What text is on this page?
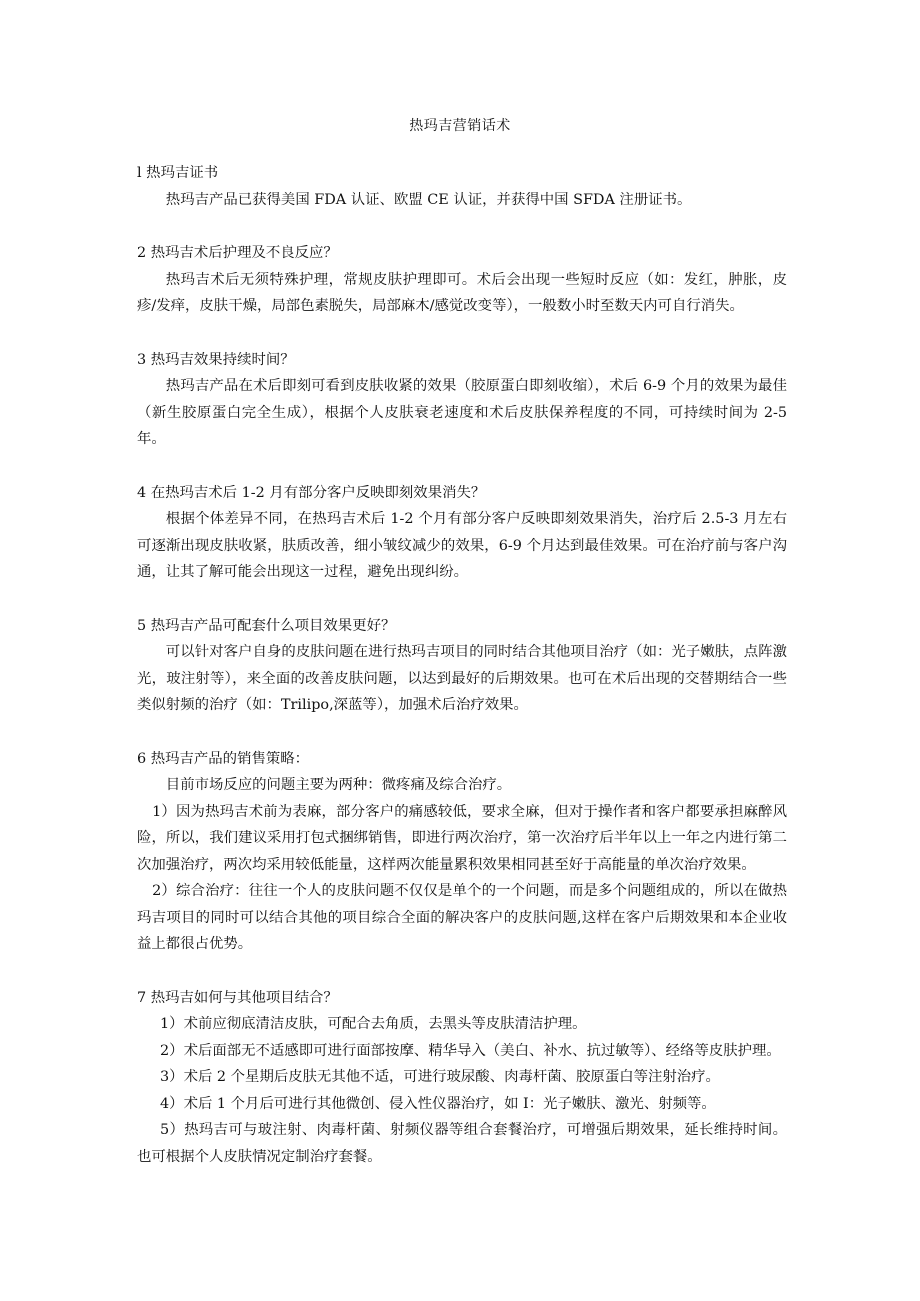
热玛吉营销话术

l 热玛吉证书

热玛吉产品已获得美国 FDA 认证、欧盟 CE 认证，并获得中国 SFDA 注册证书。

2 热玛吉术后护理及不良反应？

热玛吉术后无须特殊护理，常规皮肤护理即可。术后会出现一些短时反应（如：发红，肿胀，皮疹/发痒，皮肤干燥，局部色素脱失，局部麻木/感觉改变等），一般数小时至数天内可自行消失。

3 热玛吉效果持续时间？

热玛吉产品在术后即刻可看到皮肤收紧的效果（胶原蛋白即刻收缩），术后 6-9 个月的效果为最佳（新生胶原蛋白完全生成），根据个人皮肤衰老速度和术后皮肤保养程度的不同，可持续时间为 2-5 年。

4 在热玛吉术后 1-2 月有部分客户反映即刻效果消失？

根据个体差异不同，在热玛吉术后 1-2 个月有部分客户反映即刻效果消失，治疗后 2.5-3 月左右可逐渐出现皮肤收紧，肤质改善，细小皱纹减少的效果，6-9 个月达到最佳效果。可在治疗前与客户沟通，让其了解可能会出现这一过程，避免出现纠纷。

5 热玛吉产品可配套什么项目效果更好？

可以针对客户自身的皮肤问题在进行热玛吉项目的同时结合其他项目治疗（如：光子嫩肤，点阵激光，玻注射等），来全面的改善皮肤问题，以达到最好的后期效果。也可在术后出现的交替期结合一些类似射频的治疗（如：Trilipo,深蓝等），加强术后治疗效果。

6 热玛吉产品的销售策略：

目前市场反应的问题主要为两种：微疼痛及综合治疗。

1）因为热玛吉术前为表麻，部分客户的痛感较低，要求全麻，但对于操作者和客户都要承担麻醉风险，所以，我们建议采用打包式捆绑销售，即进行两次治疗，第一次治疗后半年以上一年之内进行第二次加强治疗，两次均采用较低能量，这样两次能量累积效果相同甚至好于高能量的单次治疗效果。

2）综合治疗：往往一个人的皮肤问题不仅仅是单个的一个问题，而是多个问题组成的，所以在做热玛吉项目的同时可以结合其他的项目综合全面的解决客户的皮肤问题,这样在客户后期效果和本企业收益上都很占优势。

7 热玛吉如何与其他项目结合？

1）术前应彻底清洁皮肤，可配合去角质，去黑头等皮肤清洁护理。

2）术后面部无不适感即可进行面部按摩、精华导入（美白、补水、抗过敏等）、经络等皮肤护理。

3）术后 2 个星期后皮肤无其他不适，可进行玻尿酸、肉毒杆菌、胶原蛋白等注射治疗。

4）术后 1 个月后可进行其他微创、侵入性仪器治疗，如 I：光子嫩肤、激光、射频等。

5）热玛吉可与玻注射、肉毒杆菌、射频仪器等组合套餐治疗，可增强后期效果，延长维持时间。也可根据个人皮肤情况定制治疗套餐。
